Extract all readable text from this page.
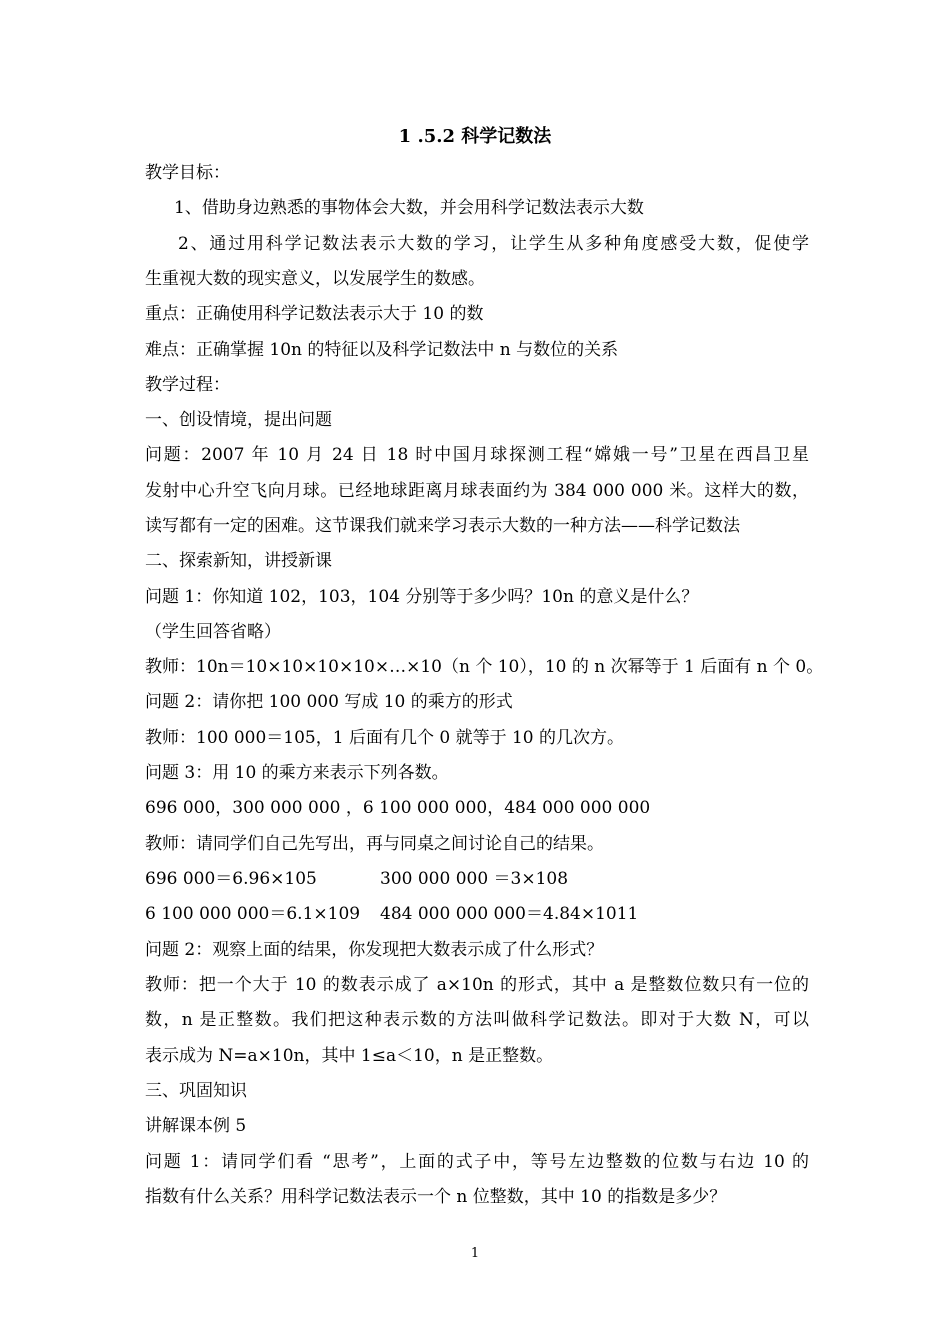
1 .5.2 科学记数法
教学目标：
1、借助身边熟悉的事物体会大数，并会用科学记数法表示大数
2、通过用科学记数法表示大数的学习，让学生从多种角度感受大数，促使学
生重视大数的现实意义，以发展学生的数感。
重点：正确使用科学记数法表示大于 10 的数
难点：正确掌握 10n 的特征以及科学记数法中 n 与数位的关系
教学过程：
一、创设情境，提出问题
问题：2007 年 10 月 24 日 18 时中国月球探测工程“嫦娥一号”卫星在西昌卫星
发射中心升空飞向月球。已经地球距离月球表面约为 384 000 000 米。这样大的数，
读写都有一定的困难。这节课我们就来学习表示大数的一种方法——科学记数法
二、探索新知，讲授新课
问题 1：你知道 102，103，104 分别等于多少吗？10n 的意义是什么？
（学生回答省略）
教师：10n＝10×10×10×10×…×10（n 个 10），10 的 n 次幂等于 1 后面有 n 个 0。
问题 2：请你把 100 000 写成 10 的乘方的形式
教师：100 000＝105，1 后面有几个 0 就等于 10 的几次方。
问题 3：用 10 的乘方来表示下列各数。
696 000，300 000 000 ，6 100 000 000，484 000 000 000
教师：请同学们自己先写出，再与同桌之间讨论自己的结果。
696 000＝6.96×105	300 000 000 ＝3×108
6 100 000 000＝6.1×109 484 000 000 000＝4.84×1011
问题 2：观察上面的结果，你发现把大数表示成了什么形式？
教师：把一个大于 10 的数表示成了 a×10n 的形式，其中 a 是整数位数只有一位的
数，n 是正整数。我们把这种表示数的方法叫做科学记数法。即对于大数 N，可以
表示成为 N=a×10n，其中 1≤a＜10，n 是正整数。
三、巩固知识
讲解课本例 5
问题 1：请同学们看 “思考”，上面的式子中，等号左边整数的位数与右边 10 的
指数有什么关系？用科学记数法表示一个 n 位整数，其中 10 的指数是多少？
1
